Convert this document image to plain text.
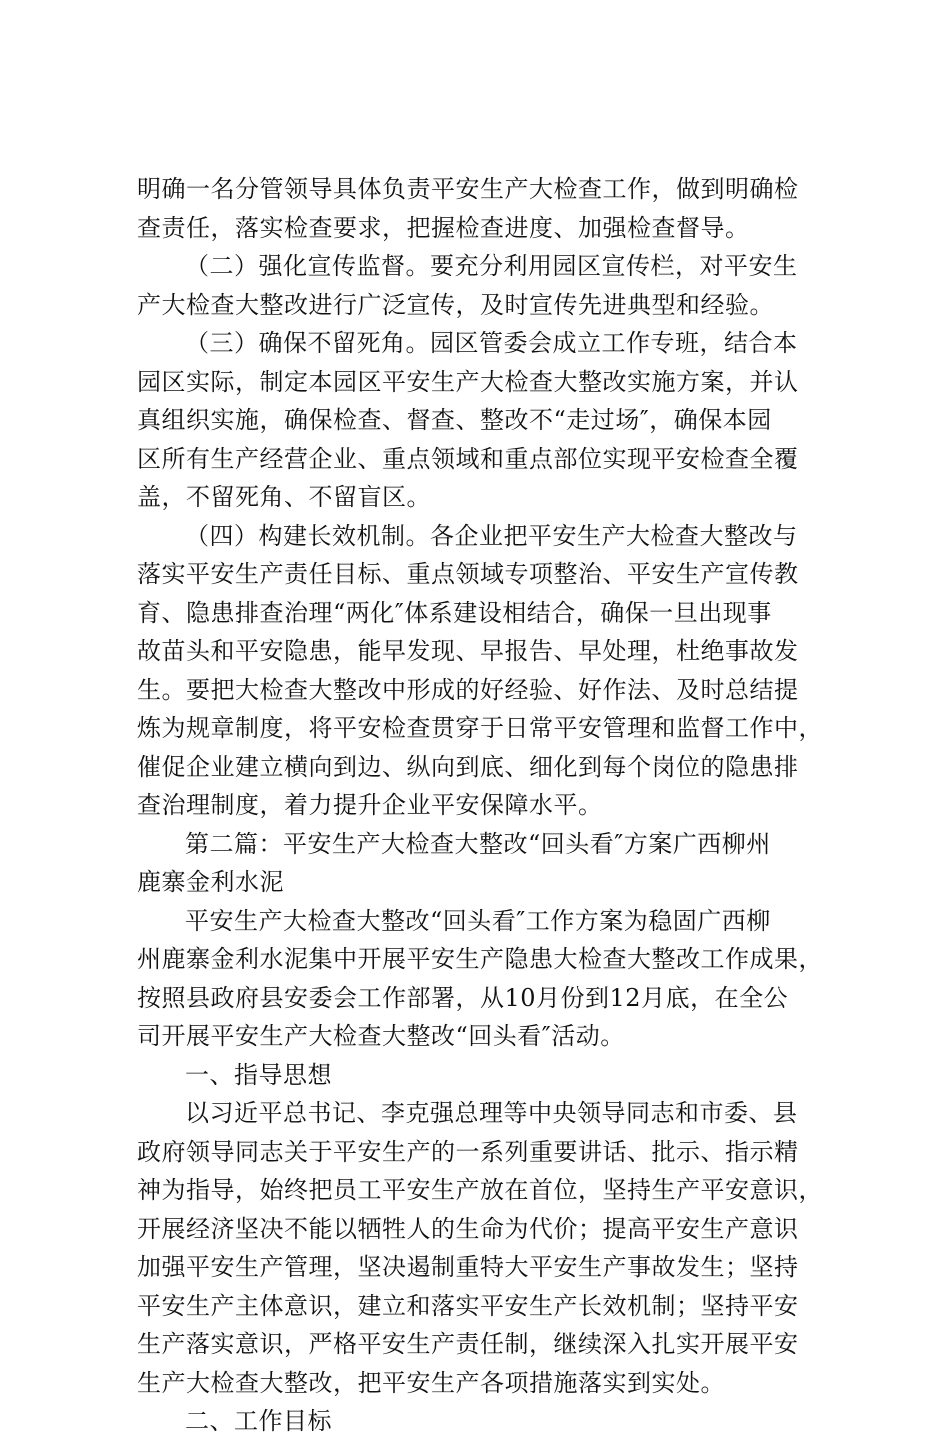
明确一名分管领导具体负责平安生产大检查工作，做到明确检
查责任，落实检查要求，把握检查进度、加强检查督导。
（二）强化宣传监督。要充分利用园区宣传栏，对平安生
产大检查大整改进行广泛宣传，及时宣传先进典型和经验。
（三）确保不留死角。园区管委会成立工作专班，结合本
园区实际，制定本园区平安生产大检查大整改实施方案，并认
真组织实施，确保检查、督查、整改不“走过场″，确保本园
区所有生产经营企业、重点领域和重点部位实现平安检查全覆
盖，不留死角、不留盲区。
（四）构建长效机制。各企业把平安生产大检查大整改与
落实平安生产责任目标、重点领域专项整治、平安生产宣传教
育、隐患排查治理“两化″体系建设相结合，确保一旦出现事
故苗头和平安隐患，能早发现、早报告、早处理，杜绝事故发
生。要把大检查大整改中形成的好经验、好作法、及时总结提
炼为规章制度，将平安检查贯穿于日常平安管理和监督工作中，
催促企业建立横向到边、纵向到底、细化到每个岗位的隐患排
查治理制度，着力提升企业平安保障水平。
第二篇：平安生产大检查大整改“回头看″方案广西柳州
鹿寨金利水泥
平安生产大检查大整改“回头看″工作方案为稳固广西柳
州鹿寨金利水泥集中开展平安生产隐患大检查大整改工作成果，
按照县政府县安委会工作部署，从10月份到12月底，在全公
司开展平安生产大检查大整改“回头看″活动。
一、指导思想
以习近平总书记、李克强总理等中央领导同志和市委、县
政府领导同志关于平安生产的一系列重要讲话、批示、指示精
神为指导，始终把员工平安生产放在首位，坚持生产平安意识，
开展经济坚决不能以牺牲人的生命为代价；提高平安生产意识
加强平安生产管理，坚决遏制重特大平安生产事故发生；坚持
平安生产主体意识，建立和落实平安生产长效机制；坚持平安
生产落实意识，严格平安生产责任制，继续深入扎实开展平安
生产大检查大整改，把平安生产各项措施落实到实处。
二、工作目标
